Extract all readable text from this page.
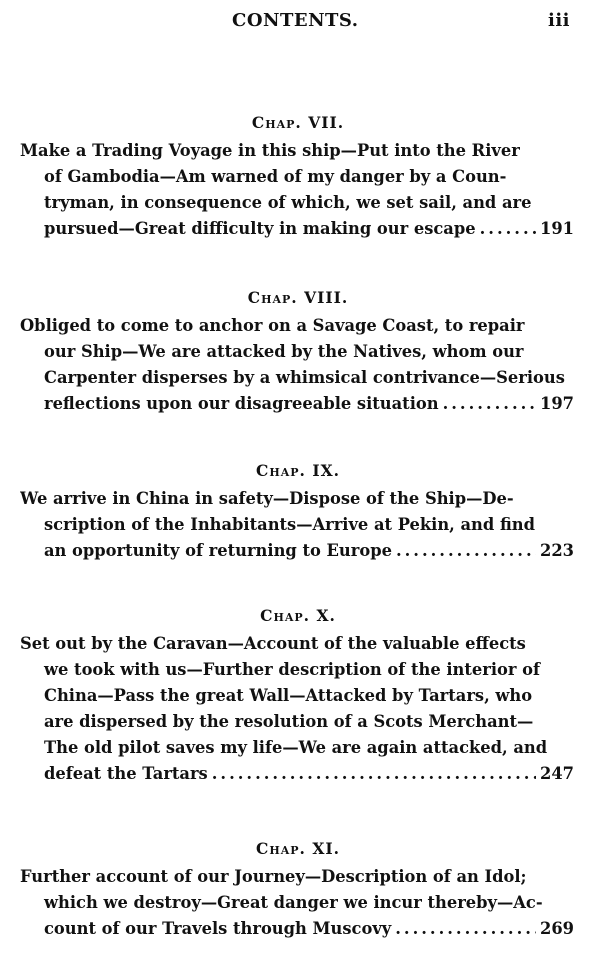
CONTENTS.	iii
Chap. VII.
Make a Trading Voyage in this ship—Put into the River
of Gambodia—Am warned of my danger by a Coun-
tryman, in consequence of which, we set sail, and are
pursued—Great difficulty in making our escape .....	191
Chap. VIII.
Obliged to come to anchor on a Savage Coast, to repair
our Ship—We are attacked by the Natives, whom our
Carpenter disperses by a whimsical contrivance—Serious
reflections upon our disagreeable situation .....	197
Chap. IX.
We arrive in China in safety—Dispose of the Ship—De-
scription of the Inhabitants—Arrive at Pekin, and find
an opportunity of returning to Europe .....	223
Chap. X.
Set out by the Caravan—Account of the valuable effects
we took with us—Further description of the interior of
China—Pass the great Wall—Attacked by Tartars, who
are dispersed by the resolution of a Scots Merchant—
The old pilot saves my life—We are again attacked, and
defeat the Tartars .....	247
Chap. XI.
Further account of our Journey—Description of an Idol;
which we destroy—Great danger we incur thereby—Ac-
count of our Travels through Muscovy .....	269
